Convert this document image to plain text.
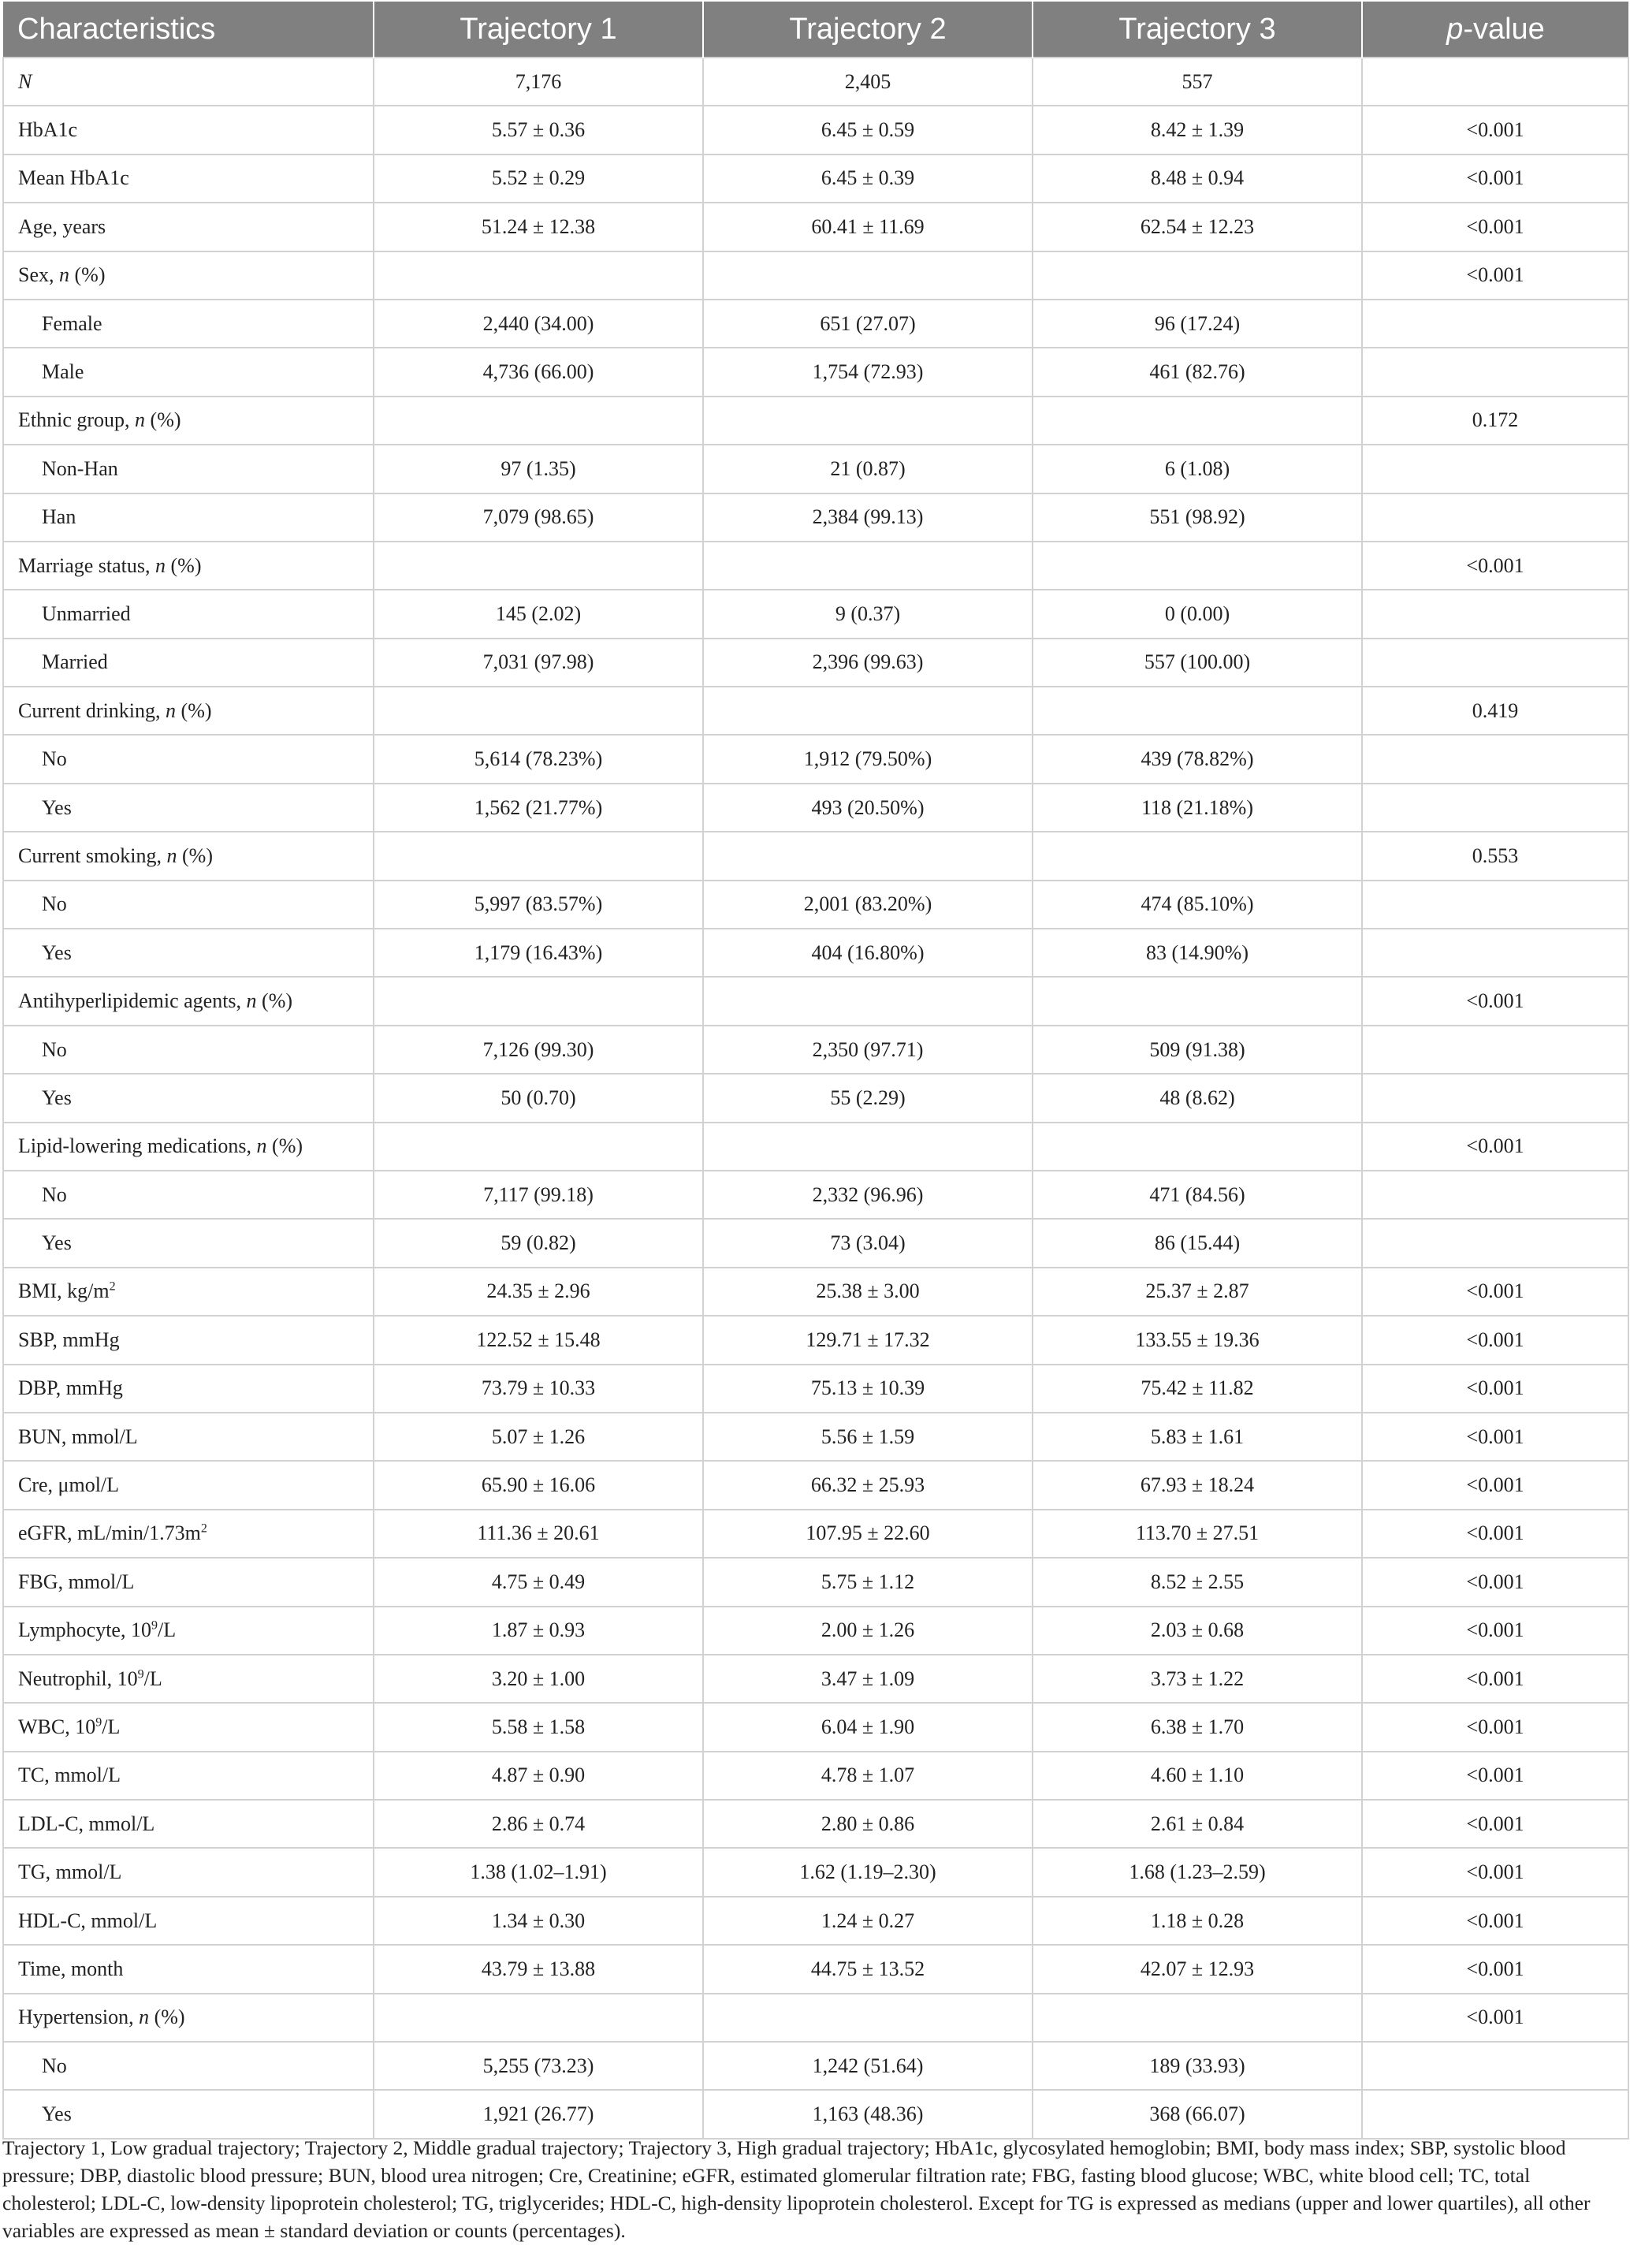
Characteristics	Trajectory 1	Trajectory 2	Trajectory 3	p-value
N	7,176	2,405	557	
HbA1c	5.57 ± 0.36	6.45 ± 0.59	8.42 ± 1.39	<0.001
Mean HbA1c	5.52 ± 0.29	6.45 ± 0.39	8.48 ± 0.94	<0.001
Age, years	51.24 ± 12.38	60.41 ± 11.69	62.54 ± 12.23	<0.001
Sex, n (%)				<0.001
Female	2,440 (34.00)	651 (27.07)	96 (17.24)	
Male	4,736 (66.00)	1,754 (72.93)	461 (82.76)	
Ethnic group, n (%)				0.172
Non-Han	97 (1.35)	21 (0.87)	6 (1.08)	
Han	7,079 (98.65)	2,384 (99.13)	551 (98.92)	
Marriage status, n (%)				<0.001
Unmarried	145 (2.02)	9 (0.37)	0 (0.00)	
Married	7,031 (97.98)	2,396 (99.63)	557 (100.00)	
Current drinking, n (%)				0.419
No	5,614 (78.23%)	1,912 (79.50%)	439 (78.82%)	
Yes	1,562 (21.77%)	493 (20.50%)	118 (21.18%)	
Current smoking, n (%)				0.553
No	5,997 (83.57%)	2,001 (83.20%)	474 (85.10%)	
Yes	1,179 (16.43%)	404 (16.80%)	83 (14.90%)	
Antihyperlipidemic agents, n (%)				<0.001
No	7,126 (99.30)	2,350 (97.71)	509 (91.38)	
Yes	50 (0.70)	55 (2.29)	48 (8.62)	
Lipid-lowering medications, n (%)				<0.001
No	7,117 (99.18)	2,332 (96.96)	471 (84.56)	
Yes	59 (0.82)	73 (3.04)	86 (15.44)	
BMI, $kg/m^2$	24.35 ± 2.96	25.38 ± 3.00	25.37 ± 2.87	<0.001
SBP, mmHg	122.52 ± 15.48	129.71 ± 17.32	133.55 ± 19.36	<0.001
DBP, mmHg	73.79 ± 10.33	75.13 ± 10.39	75.42 ± 11.82	<0.001
BUN, mmol/L	5.07 ± 1.26	5.56 ± 1.59	5.83 ± 1.61	<0.001
Cre, μmol/L	65.90 ± 16.06	66.32 ± 25.93	67.93 ± 18.24	<0.001
eGFR, $mL/\min/1.73m^2$	111.36 ± 20.61	107.95 ± 22.60	113.70 ± 27.51	<0.001
FBG, mmol/L	4.75 ± 0.49	5.75 ± 1.12	8.52 ± 2.55	<0.001
Lymphocyte, $10^9/L$	1.87 ± 0.93	2.00 ± 1.26	2.03 ± 0.68	<0.001
Neutrophil, $10^9/L$	3.20 ± 1.00	3.47 ± 1.09	3.73 ± 1.22	<0.001
WBC, $10^9/L$	5.58 ± 1.58	6.04 ± 1.90	6.38 ± 1.70	<0.001
TC, mmol/L	4.87 ± 0.90	4.78 ± 1.07	4.60 ± 1.10	<0.001
LDL-C, mmol/L	2.86 ± 0.74	2.80 ± 0.86	2.61 ± 0.84	<0.001
TG, mmol/L	1.38 (1.02–1.91)	1.62 (1.19–2.30)	1.68 (1.23–2.59)	<0.001
HDL-C, mmol/L	1.34 ± 0.30	1.24 ± 0.27	1.18 ± 0.28	<0.001
Time, month	43.79 ± 13.88	44.75 ± 13.52	42.07 ± 12.93	<0.001
Hypertension, n (%)				<0.001
No	5,255 (73.23)	1,242 (51.64)	189 (33.93)	
Yes	1,921 (26.77)	1,163 (48.36)	368 (66.07)	

Trajectory 1, Low gradual trajectory; Trajectory 2, Middle gradual trajectory; Trajectory 3, High gradual trajectory; HbA1c, glycosylated hemoglobin; BMI, body mass index; SBP, systolic blood pressure; DBP, diastolic blood pressure; BUN, blood urea nitrogen; Cre, Creatinine; eGFR, estimated glomerular filtration rate; FBG, fasting blood glucose; WBC, white blood cell; TC, total cholesterol; LDL-C, low-density lipoprotein cholesterol; TG, triglycerides; HDL-C, high-density lipoprotein cholesterol. Except for TG is expressed as medians (upper and lower quartiles), all other variables are expressed as mean ± standard deviation or counts (percentages).
